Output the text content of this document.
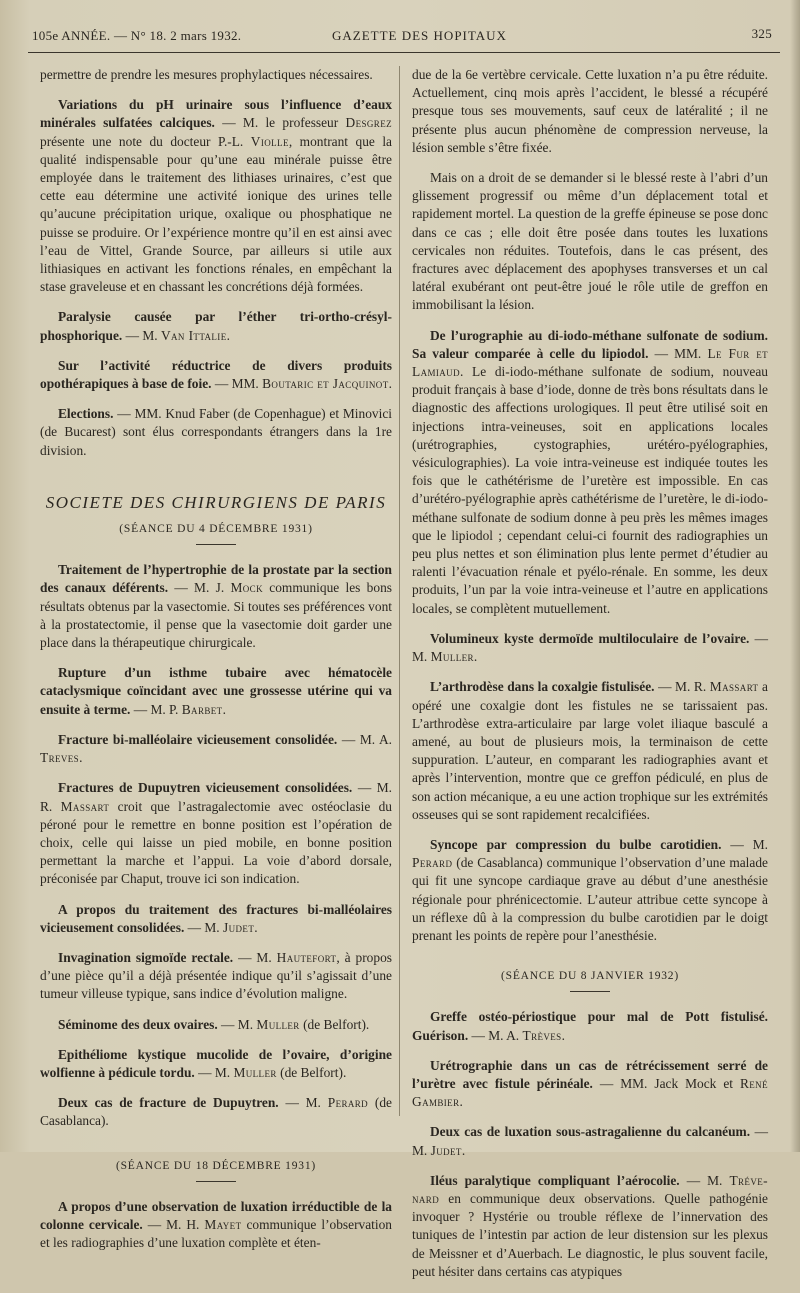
105e ANNÉE. — N° 18. 2 mars 1932.	GAZETTE DES HOPITAUX	325

permettre de prendre les mesures prophylactiques nécessaires.

Variations du pH urinaire sous l’influence d’eaux minérales sulfatées calciques. — M. le professeur Desgrez présente une note du docteur P.-L. Violle, montrant que la qualité indispensable pour qu’une eau minérale puisse être employée dans le traitement des lithiases urinaires, c’est que cette eau détermine une activité ionique des urines telle qu’aucune précipitation urique, oxalique ou phosphatique ne puisse se produire. Or l’expérience montre qu’il en est ainsi avec l’eau de Vittel, Grande Source, par ailleurs si utile aux lithiasiques en activant les fonctions rénales, en empêchant la stase graveleuse et en chassant les concrétions déjà formées.

Paralysie causée par l’éther tri-ortho-crésyl-phosphorique. — M. Van Ittalie.

Sur l’activité réductrice de divers produits opothérapiques à base de foie. — MM. Boutaric et Jacquinot.

Elections. — MM. Knud Faber (de Copenhague) et Minovici (de Bucarest) sont élus correspondants étrangers dans la 1re division.

SOCIETE DES CHIRURGIENS DE PARIS
(SÉANCE DU 4 DÉCEMBRE 1931)

Traitement de l’hypertrophie de la prostate par la section des canaux déférents. — M. J. Mock communique les bons résultats obtenus par la vasectomie. Si toutes ses préférences vont à la prostatectomie, il pense que la vasectomie doit garder une place dans la thérapeutique chirurgicale.

Rupture d’un isthme tubaire avec hématocèle cataclysmique coïncidant avec une grossesse utérine qui va ensuite à terme. — M. P. Barbet.

Fracture bi-malléolaire vicieusement consolidée. — M. A. Treves.

Fractures de Dupuytren vicieusement consolidées. — M. R. Massart croit que l’astragalectomie avec ostéoclasie du péroné pour le remettre en bonne position est l’opération de choix, celle qui laisse un pied mobile, en bonne position permettant la marche et l’appui. La voie d’abord dorsale, préconisée par Chaput, trouve ici son indication.

A propos du traitement des fractures bi-malléolaires vicieusement consolidées. — M. Judet.

Invagination sigmoïde rectale. — M. Hautefort, à propos d’une pièce qu’il a déjà présentée indique qu’il s’agissait d’une tumeur villeuse typique, sans indice d’évolution maligne.

Séminome des deux ovaires. — M. Muller (de Belfort).

Epithéliome kystique mucolide de l’ovaire, d’origine wolfienne à pédicule tordu. — M. Muller (de Belfort).

Deux cas de fracture de Dupuytren. — M. Perard (de Casablanca).

(SÉANCE DU 18 DÉCEMBRE 1931)

A propos d’une observation de luxation irréductible de la colonne cervicale. — M. H. Mayet communique l’observation et les radiographies d’une luxation complète et éten-

due de la 6e vertèbre cervicale. Cette luxation n’a pu être réduite. Actuellement, cinq mois après l’accident, le blessé a récupéré presque tous ses mouvements, sauf ceux de latéralité ; il ne présente plus aucun phénomène de compression nerveuse, la lésion semble s’être fixée.

Mais on a droit de se demander si le blessé reste à l’abri d’un glissement progressif ou même d’un déplacement total et rapidement mortel. La question de la greffe épineuse se pose donc dans ce cas ; elle doit être posée dans toutes les luxations cervicales non réduites. Toutefois, dans le cas présent, des fractures avec déplacement des apophyses transverses et un cal latéral exubérant ont peut-être joué le rôle utile de greffon en immobilisant la lésion.

De l’urographie au di-iodo-méthane sulfonate de sodium. Sa valeur comparée à celle du lipiodol. — MM. Le Fur et Lamiaud. Le di-iodo-méthane sulfonate de sodium, nouveau produit français à base d’iode, donne de très bons résultats dans le diagnostic des affections urologiques. Il peut être utilisé soit en injections intra-veineuses, soit en applications locales (urétrographies, cystographies, urétéro-pyélographies, vésiculographies). La voie intra-veineuse est indiquée toutes les fois que le cathétérisme de l’uretère est impossible. En cas d’urétéro-pyélographie après cathétérisme de l’uretère, le di-iodo-méthane sulfonate de sodium donne à peu près les mêmes images que le lipiodol ; cependant celui-ci fournit des radiographies un peu plus nettes et son élimination plus lente permet d’étudier au ralenti l’évacuation rénale et pyélo-rénale. En somme, les deux produits, l’un par la voie intra-veineuse et l’autre en applications locales, se complètent mutuellement.

Volumineux kyste dermoïde multiloculaire de l’ovaire. — M. Muller.

L’arthrodèse dans la coxalgie fistulisée. — M. R. Massart a opéré une coxalgie dont les fistules ne se tarissaient pas. L’arthrodèse extra-articulaire par large volet iliaque basculé a amené, au bout de plusieurs mois, la terminaison de cette suppuration. L’auteur, en comparant les radiographies avant et après l’intervention, montre que ce greffon pédiculé, en plus de son action mécanique, a eu une action trophique sur les extrémités osseuses qui se sont rapidement recalcifiées.

Syncope par compression du bulbe carotidien. — M. Perard (de Casablanca) communique l’observation d’une malade qui fit une syncope cardiaque grave au début d’une anesthésie régionale pour phrénicectomie. L’auteur attribue cette syncope à un réflexe dû à la compression du bulbe carotidien par le doigt prenant les points de repère pour l’anesthésie.

(SÉANCE DU 8 JANVIER 1932)

Greffe ostéo-périostique pour mal de Pott fistulisé. Guérison. — M. A. Trèves.

Urétrographie dans un cas de rétrécissement serré de l’urètre avec fistule périnéale. — MM. Jack Mock et René Gambier.

Deux cas de luxation sous-astragalienne du calcanéum. — M. Judet.

Iléus paralytique compliquant l’aérocolie. — M. Tréve-nard en communique deux observations. Quelle pathogénie invoquer ? Hystérie ou trouble réflexe de l’innervation des tuniques de l’intestin par action de leur distension sur les plexus de Meissner et d’Auerbach. Le diagnostic, le plus souvent facile, peut hésiter dans certains cas atypiques
